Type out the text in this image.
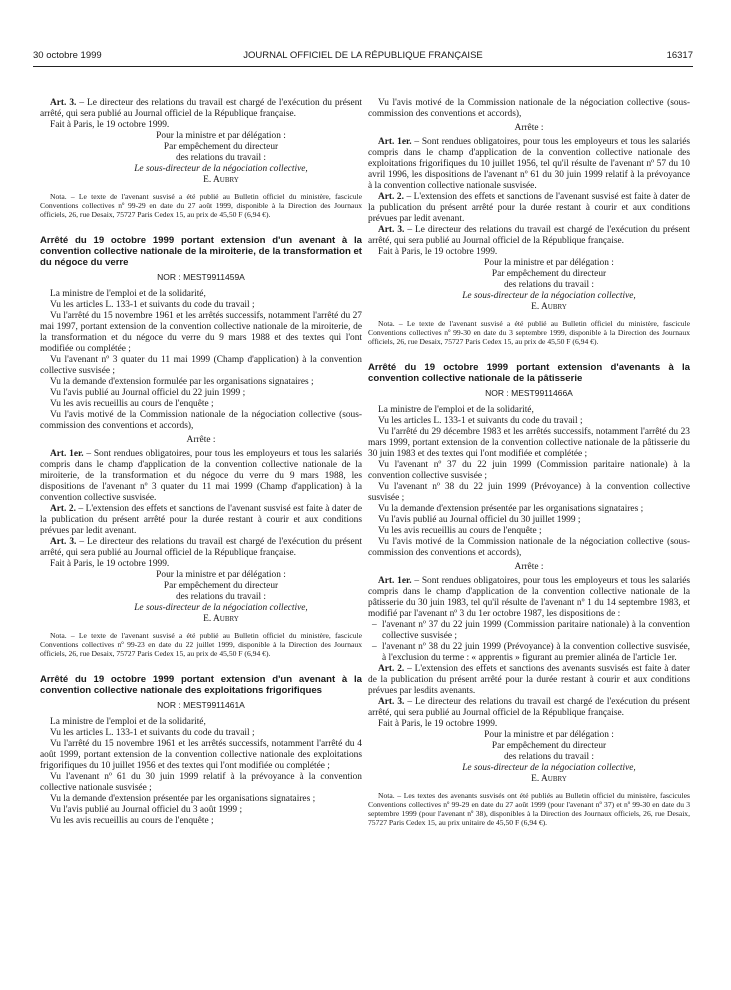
30 octobre 1999	JOURNAL OFFICIEL DE LA RÉPUBLIQUE FRANÇAISE	16317

Art. 3. – Le directeur des relations du travail est chargé de l'exécution du présent arrêté, qui sera publié au Journal officiel de la République française.

Fait à Paris, le 19 octobre 1999.

Pour la ministre et par délégation :
Par empêchement du directeur
des relations du travail :
Le sous-directeur de la négociation collective,
E. Aubry

Nota. – Le texte de l'avenant susvisé a été publié au Bulletin officiel du ministère, fascicule Conventions collectives nº 99-29 en date du 27 août 1999, disponible à la Direction des Journaux officiels, 26, rue Desaix, 75727 Paris Cedex 15, au prix de 45,50 F (6,94 €).

Arrêté du 19 octobre 1999 portant extension d'un avenant à la convention collective nationale de la miroiterie, de la transformation et du négoce du verre

NOR : MEST9911459A

La ministre de l'emploi et de la solidarité,

Vu les articles L. 133-1 et suivants du code du travail ;

Vu l'arrêté du 15 novembre 1961 et les arrêtés successifs, notamment l'arrêté du 27 mai 1997, portant extension de la convention collective nationale de la miroiterie, de la transformation et du négoce du verre du 9 mars 1988 et des textes qui l'ont modifiée ou complétée ;

Vu l'avenant nº 3 quater du 11 mai 1999 (Champ d'application) à la convention collective susvisée ;

Vu la demande d'extension formulée par les organisations signataires ;

Vu l'avis publié au Journal officiel du 22 juin 1999 ;

Vu les avis recueillis au cours de l'enquête ;

Vu l'avis motivé de la Commission nationale de la négociation collective (sous-commission des conventions et accords),

Arrête :

Art. 1er. – Sont rendues obligatoires, pour tous les employeurs et tous les salariés compris dans le champ d'application de la convention collective nationale de la miroiterie, de la transformation et du négoce du verre du 9 mars 1988, les dispositions de l'avenant nº 3 quater du 11 mai 1999 (Champ d'application) à la convention collective susvisée.

Art. 2. – L'extension des effets et sanctions de l'avenant susvisé est faite à dater de la publication du présent arrêté pour la durée restant à courir et aux conditions prévues par ledit avenant.

Art. 3. – Le directeur des relations du travail est chargé de l'exécution du présent arrêté, qui sera publié au Journal officiel de la République française.

Fait à Paris, le 19 octobre 1999.

Pour la ministre et par délégation :
Par empêchement du directeur
des relations du travail :
Le sous-directeur de la négociation collective,
E. Aubry

Nota. – Le texte de l'avenant susvisé a été publié au Bulletin officiel du ministère, fascicule Conventions collectives nº 99-23 en date du 22 juillet 1999, disponible à la Direction des Journaux officiels, 26, rue Desaix, 75727 Paris Cedex 15, au prix de 45,50 F (6,94 €).

Arrêté du 19 octobre 1999 portant extension d'un avenant à la convention collective nationale des exploitations frigorifiques

NOR : MEST9911461A

La ministre de l'emploi et de la solidarité,

Vu les articles L. 133-1 et suivants du code du travail ;

Vu l'arrêté du 15 novembre 1961 et les arrêtés successifs, notamment l'arrêté du 4 août 1999, portant extension de la convention collective nationale des exploitations frigorifiques du 10 juillet 1956 et des textes qui l'ont modifiée ou complétée ;

Vu l'avenant nº 61 du 30 juin 1999 relatif à la prévoyance à la convention collective nationale susvisée ;

Vu la demande d'extension présentée par les organisations signataires ;

Vu l'avis publié au Journal officiel du 3 août 1999 ;

Vu les avis recueillis au cours de l'enquête ;

Vu l'avis motivé de la Commission nationale de la négociation collective (sous-commission des conventions et accords),

Arrête :

Art. 1er. – Sont rendues obligatoires, pour tous les employeurs et tous les salariés compris dans le champ d'application de la convention collective nationale des exploitations frigorifiques du 10 juillet 1956, tel qu'il résulte de l'avenant nº 57 du 10 avril 1996, les dispositions de l'avenant nº 61 du 30 juin 1999 relatif à la prévoyance à la convention collective nationale susvisée.

Art. 2. – L'extension des effets et sanctions de l'avenant susvisé est faite à dater de la publication du présent arrêté pour la durée restant à courir et aux conditions prévues par ledit avenant.

Art. 3. – Le directeur des relations du travail est chargé de l'exécution du présent arrêté, qui sera publié au Journal officiel de la République française.

Fait à Paris, le 19 octobre 1999.

Pour la ministre et par délégation :
Par empêchement du directeur
des relations du travail :
Le sous-directeur de la négociation collective,
E. Aubry

Nota. – Le texte de l'avenant susvisé a été publié au Bulletin officiel du ministère, fascicule Conventions collectives nº 99-30 en date du 3 septembre 1999, disponible à la Direction des Journaux officiels, 26, rue Desaix, 75727 Paris Cedex 15, au prix de 45,50 F (6,94 €).

Arrêté du 19 octobre 1999 portant extension d'avenants à la convention collective nationale de la pâtisserie

NOR : MEST9911466A

La ministre de l'emploi et de la solidarité,

Vu les articles L. 133-1 et suivants du code du travail ;

Vu l'arrêté du 29 décembre 1983 et les arrêtés successifs, notamment l'arrêté du 23 mars 1999, portant extension de la convention collective nationale de la pâtisserie du 30 juin 1983 et des textes qui l'ont modifiée et complétée ;

Vu l'avenant nº 37 du 22 juin 1999 (Commission paritaire nationale) à la convention collective susvisée ;

Vu l'avenant nº 38 du 22 juin 1999 (Prévoyance) à la convention collective susvisée ;

Vu la demande d'extension présentée par les organisations signataires ;

Vu l'avis publié au Journal officiel du 30 juillet 1999 ;

Vu les avis recueillis au cours de l'enquête ;

Vu l'avis motivé de la Commission nationale de la négociation collective (sous-commission des conventions et accords),

Arrête :

Art. 1er. – Sont rendues obligatoires, pour tous les employeurs et tous les salariés compris dans le champ d'application de la convention collective nationale de la pâtisserie du 30 juin 1983, tel qu'il résulte de l'avenant nº 1 du 14 septembre 1983, et modifié par l'avenant nº 3 du 1er octobre 1987, les dispositions de :

– l'avenant nº 37 du 22 juin 1999 (Commission paritaire nationale) à la convention collective susvisée ;

– l'avenant nº 38 du 22 juin 1999 (Prévoyance) à la convention collective susvisée, à l'exclusion du terme : « apprentis » figurant au premier alinéa de l'article 1er.

Art. 2. – L'extension des effets et sanctions des avenants susvisés est faite à dater de la publication du présent arrêté pour la durée restant à courir et aux conditions prévues par lesdits avenants.

Art. 3. – Le directeur des relations du travail est chargé de l'exécution du présent arrêté, qui sera publié au Journal officiel de la République française.

Fait à Paris, le 19 octobre 1999.

Pour la ministre et par délégation :
Par empêchement du directeur
des relations du travail :
Le sous-directeur de la négociation collective,
E. Aubry

Nota. – Les textes des avenants susvisés ont été publiés au Bulletin officiel du ministère, fascicules Conventions collectives nº 99-29 en date du 27 août 1999 (pour l'avenant nº 37) et nº 99-30 en date du 3 septembre 1999 (pour l'avenant nº 38), disponibles à la Direction des Journaux officiels, 26, rue Desaix, 75727 Paris Cedex 15, au prix unitaire de 45,50 F (6,94 €).
